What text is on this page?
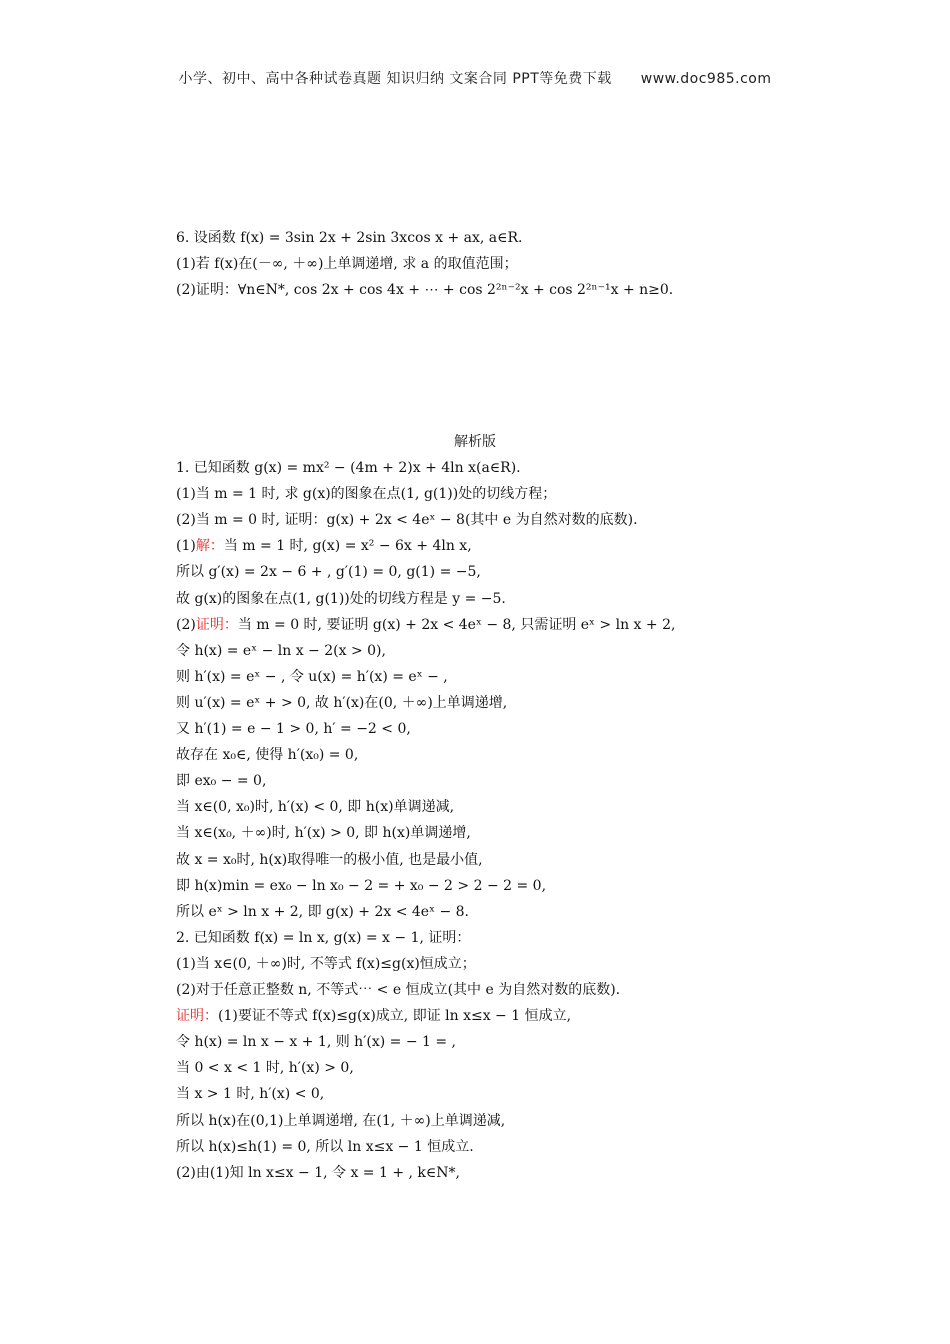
小学、初中、高中各种试卷真题 知识归纳 文案合同 PPT等免费下载 www.doc985.com
6. 设函数 f(x) = 3sin 2x + 2sin 3xcos x + ax, a∈R.
(1)若 f(x)在(－∞, ＋∞)上单调递增, 求 a 的取值范围；
(2)证明：∀n∈N*, cos 2x + cos 4x + ⋯ + cos 2²ⁿ⁻²x + cos 2²ⁿ⁻¹x + n≥0.
解析版
1. 已知函数 g(x) = mx² − (4m + 2)x + 4ln x(a∈R).
(1)当 m = 1 时, 求 g(x)的图象在点(1, g(1))处的切线方程；
(2)当 m = 0 时, 证明：g(x) + 2x < 4eˣ − 8(其中 e 为自然对数的底数).
(1)解：当 m = 1 时, g(x) = x² − 6x + 4ln x,
所以 g′(x) = 2x − 6 + , g′(1) = 0, g(1) = −5,
故 g(x)的图象在点(1, g(1))处的切线方程是 y = −5.
(2)证明：当 m = 0 时, 要证明 g(x) + 2x < 4eˣ − 8, 只需证明 eˣ > ln x + 2,
令 h(x) = eˣ − ln x − 2(x > 0),
则 h′(x) = eˣ − , 令 u(x) = h′(x) = eˣ − ,
则 u′(x) = eˣ + > 0, 故 h′(x)在(0, ＋∞)上单调递增,
又 h′(1) = e − 1 > 0, h′ = −2 < 0,
故存在 x₀∈, 使得 h′(x₀) = 0,
即 ex₀ − = 0,
当 x∈(0, x₀)时, h′(x) < 0, 即 h(x)单调递减,
当 x∈(x₀, ＋∞)时, h′(x) > 0, 即 h(x)单调递增,
故 x = x₀时, h(x)取得唯一的极小值, 也是最小值,
即 h(x)min = ex₀ − ln x₀ − 2 = + x₀ − 2 > 2 − 2 = 0,
所以 eˣ > ln x + 2, 即 g(x) + 2x < 4eˣ − 8.
2. 已知函数 f(x) = ln x, g(x) = x − 1, 证明：
(1)当 x∈(0, ＋∞)时, 不等式 f(x)≤g(x)恒成立；
(2)对于任意正整数 n, 不等式⋯ < e 恒成立(其中 e 为自然对数的底数).
证明：(1)要证不等式 f(x)≤g(x)成立, 即证 ln x≤x − 1 恒成立,
令 h(x) = ln x − x + 1, 则 h′(x) = − 1 = ,
当 0 < x < 1 时, h′(x) > 0,
当 x > 1 时, h′(x) < 0,
所以 h(x)在(0,1)上单调递增, 在(1, ＋∞)上单调递减,
所以 h(x)≤h(1) = 0, 所以 ln x≤x − 1 恒成立.
(2)由(1)知 ln x≤x − 1, 令 x = 1 + , k∈N*,
